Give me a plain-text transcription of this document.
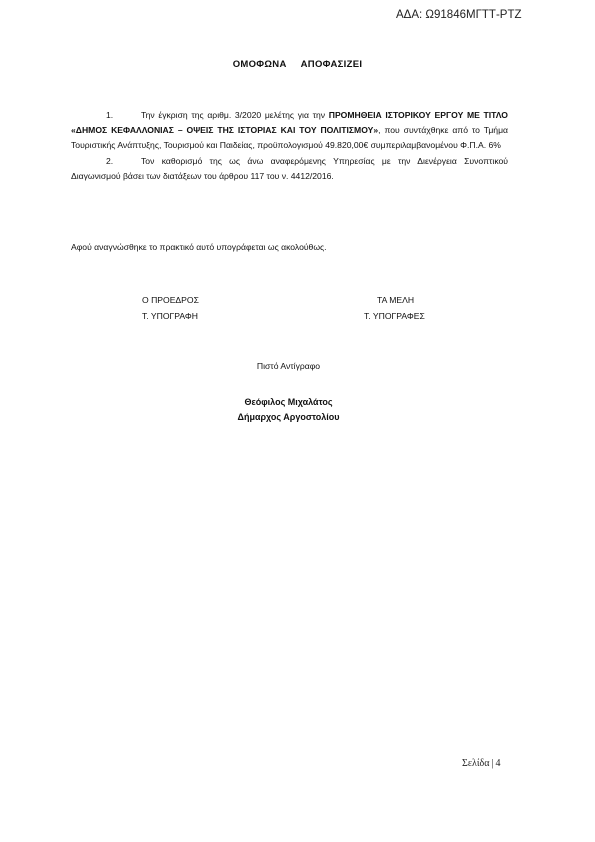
ΑΔΑ: Ω91846ΜΓΤΤ-ΡΤΖ
ΟΜΟΦΩΝΑ ΑΠΟΦΑΣΙΖΕΙ
1.	Την έγκριση της αριθμ. 3/2020 μελέτης για την ΠΡΟΜΗΘΕΙΑ ΙΣΤΟΡΙΚΟΥ ΕΡΓΟΥ ΜΕ ΤΙΤΛΟ «ΔΗΜΟΣ ΚΕΦΑΛΛΟΝΙΑΣ – ΟΨΕΙΣ ΤΗΣ ΙΣΤΟΡΙΑΣ ΚΑΙ ΤΟΥ ΠΟΛΙΤΙΣΜΟΥ», που συντάχθηκε από το Τμήμα Τουριστικής Ανάπτυξης, Τουρισμού και Παιδείας, προϋπολογισμού 49.820,00€ συμπεριλαμβανομένου Φ.Π.Α. 6%
2.	Τον καθορισμό της ως άνω αναφερόμενης Υπηρεσίας με την Διενέργεια Συνοπτικού Διαγωνισμού βάσει των διατάξεων του άρθρου 117 του ν. 4412/2016.
Αφού αναγνώσθηκε το πρακτικό αυτό υπογράφεται ως ακολούθως.
Ο ΠΡΟΕΔΡΟΣ
Τ. ΥΠΟΓΡΑΦΗ
ΤΑ ΜΕΛΗ
Τ. ΥΠΟΓΡΑΦΕΣ
Πιστό Αντίγραφο
Θεόφιλος Μιχαλάτος
Δήμαρχος Αργοστολίου
Σελίδα | 4
